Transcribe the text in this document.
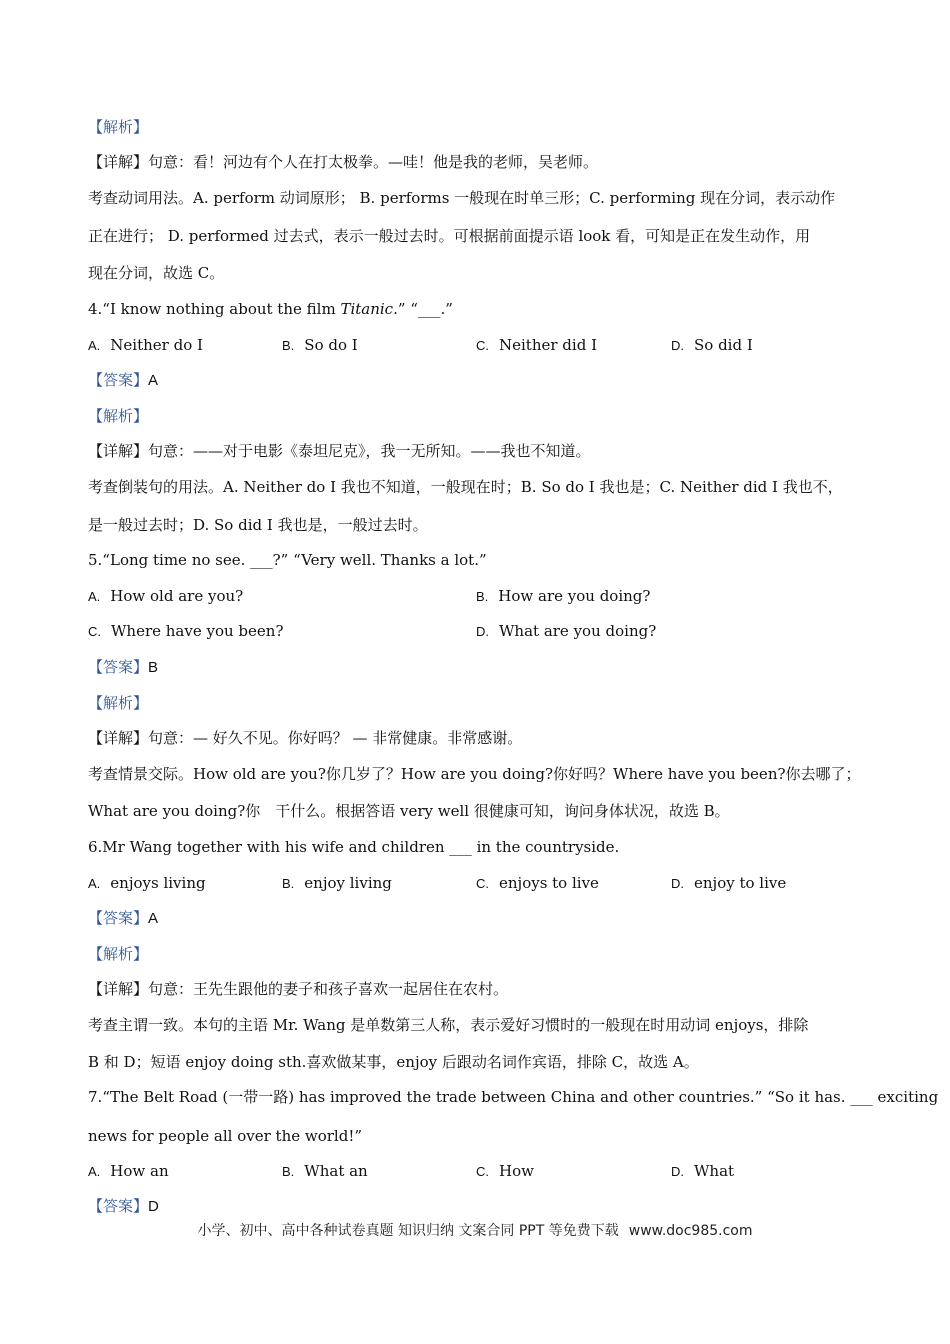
【解析】
【详解】句意：看！河边有个人在打太极拳。—哇！他是我的老师，吴老师。
考查动词用法。A. perform 动词原形； B. performs 一般现在时单三形；C. performing 现在分词，表示动作
正在进行； D. performed 过去式，表示一般过去时。可根据前面提示语 look 看，可知是正在发生动作，用
现在分词，故选 C。
4.“I know nothing about the film Titanic.” “___.”
A. Neither do I	B. So do I	C. Neither did I	D. So did I
【答案】A
【解析】
【详解】句意：——对于电影《泰坦尼克》，我一无所知。——我也不知道。
考查倒装句的用法。A. Neither do I 我也不知道，一般现在时；B. So do I 我也是；C. Neither did I 我也不，
是一般过去时；D. So did I 我也是，一般过去时。
5.“Long time no see. ___?” “Very well. Thanks a lot.”
A. How old are you?	B. How are you doing?
C. Where have you been?	D. What are you doing?
【答案】B
【解析】
【详解】句意：— 好久不见。你好吗？ — 非常健康。非常感谢。
考查情景交际。How old are you?你几岁了？How are you doing?你好吗？Where have you been?你去哪了；
What are you doing?你　干什么。根据答语 very well 很健康可知，询问身体状况，故选 B。
6.Mr Wang together with his wife and children ___ in the countryside.
A. enjoys living	B. enjoy living	C. enjoys to live	D. enjoy to live
【答案】A
【解析】
【详解】句意：王先生跟他的妻子和孩子喜欢一起居住在农村。
考查主谓一致。本句的主语 Mr. Wang 是单数第三人称，表示爱好习惯时的一般现在时用动词 enjoys，排除
B 和 D；短语 enjoy doing sth.喜欢做某事，enjoy 后跟动名词作宾语，排除 C，故选 A。
7.“The Belt Road (一带一路) has improved the trade between China and other countries.” “So it has. ___ exciting
news for people all over the world!”
A. How an	B. What an	C. How	D. What
【答案】D
小学、初中、高中各种试卷真题 知识归纳 文案合同 PPT 等免费下载 www.doc985.com
